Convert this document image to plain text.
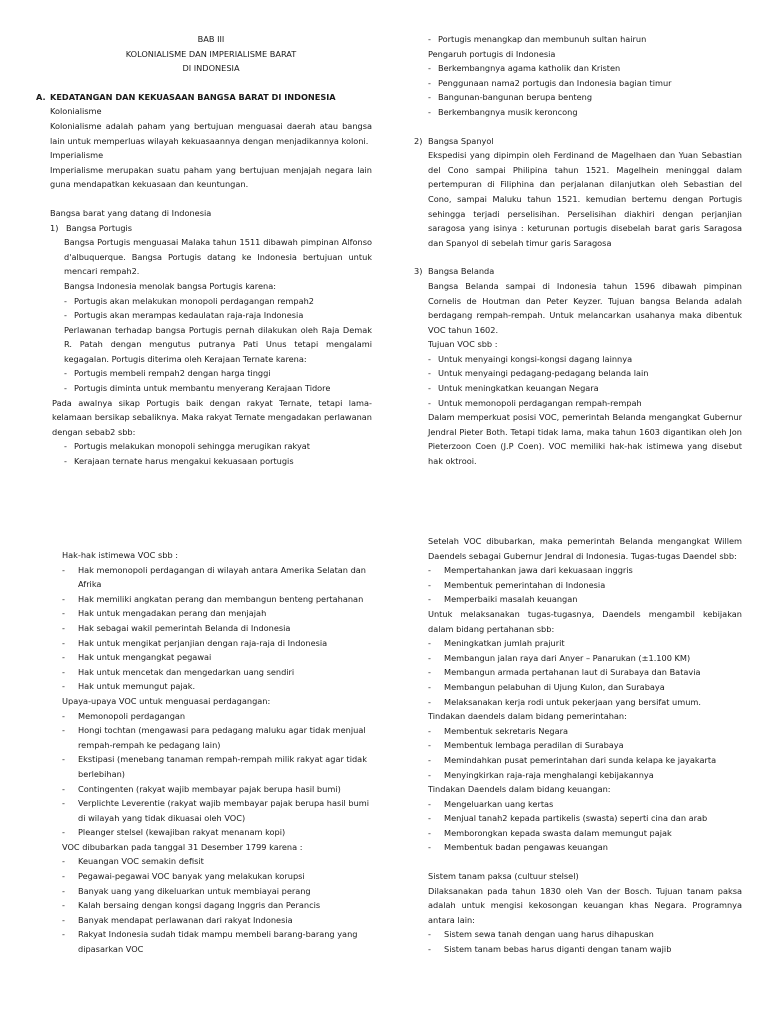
BAB III
KOLONIALISME DAN IMPERIALISME BARAT
DI INDONESIA
A. KEDATANGAN DAN KEKUASAAN BANGSA BARAT DI INDONESIA
Kolonialisme
Kolonialisme adalah paham yang bertujuan menguasai daerah atau bangsa lain untuk memperluas wilayah kekuasaannya dengan menjadikannya koloni.
Imperialisme
Imperialisme merupakan suatu paham yang bertujuan menjajah negara lain guna mendapatkan kekuasaan dan keuntungan.
Bangsa barat yang datang di Indonesia
1) Bangsa Portugis
Bangsa Portugis menguasai Malaka tahun 1511 dibawah pimpinan Alfonso d'albuquerque. Bangsa Portugis datang ke Indonesia bertujuan untuk mencari rempah2.
Bangsa Indonesia menolak bangsa Portugis karena:
- Portugis akan melakukan monopoli perdagangan rempah2
- Portugis akan merampas kedaulatan raja-raja Indonesia
Perlawanan terhadap bangsa Portugis pernah dilakukan oleh Raja Demak R. Patah dengan mengutus putranya Pati Unus tetapi mengalami kegagalan. Portugis diterima oleh Kerajaan Ternate karena:
- Portugis membeli rempah2 dengan harga tinggi
- Portugis diminta untuk membantu menyerang Kerajaan Tidore
Pada awalnya sikap Portugis baik dengan rakyat Ternate, tetapi lama-kelamaan bersikap sebaliknya. Maka rakyat Ternate mengadakan perlawanan dengan sebab2 sbb:
- Portugis melakukan monopoli sehingga merugikan rakyat
- Kerajaan ternate harus mengakui kekuasaan portugis
- Portugis menangkap dan membunuh sultan hairun
Pengaruh portugis di Indonesia
- Berkembangnya agama katholik dan Kristen
- Penggunaan nama2 portugis dan Indonesia bagian timur
- Bangunan-bangunan berupa benteng
- Berkembangnya musik keroncong
2) Bangsa Spanyol
Ekspedisi yang dipimpin oleh Ferdinand de Magelhaen dan Yuan Sebastian del Cono sampai Philipina tahun 1521. Magelhein meninggal dalam pertempuran di Filiphina dan perjalanan dilanjutkan oleh Sebastian del Cono, sampai Maluku tahun 1521. kemudian bertemu dengan Portugis sehingga terjadi perselisihan. Perselisihan diakhiri dengan perjanjian saragosa yang isinya : keturunan portugis disebelah barat garis Saragosa dan Spanyol di sebelah timur garis Saragosa
3) Bangsa Belanda
Bangsa Belanda sampai di Indonesia tahun 1596 dibawah pimpinan Cornelis de Houtman dan Peter Keyzer. Tujuan bangsa Belanda adalah berdagang rempah-rempah. Untuk melancarkan usahanya maka dibentuk VOC tahun 1602.
Tujuan VOC sbb :
- Untuk menyaingi kongsi-kongsi dagang lainnya
- Untuk menyaingi pedagang-pedagang belanda lain
- Untuk meningkatkan keuangan Negara
- Untuk memonopoli perdagangan rempah-rempah
Dalam memperkuat posisi VOC, pemerintah Belanda mengangkat Gubernur Jendral Pieter Both. Tetapi tidak lama, maka tahun 1603 digantikan oleh Jon Pieterzoon Coen (J.P Coen). VOC memiliki hak-hak istimewa yang disebut hak oktrooi.
Hak-hak istimewa VOC sbb :
-	Hak memonopoli perdagangan di wilayah antara Amerika Selatan dan Afrika
-	Hak memiliki angkatan perang dan membangun benteng pertahanan
-	Hak untuk mengadakan perang dan menjajah
-	Hak sebagai wakil pemerintah Belanda di Indonesia
-	Hak untuk mengikat perjanjian dengan raja-raja di Indonesia
-	Hak untuk mengangkat pegawai
-	Hak untuk mencetak dan mengedarkan uang sendiri
-	Hak untuk memungut pajak.
Upaya-upaya VOC untuk menguasai perdagangan:
-	Memonopoli perdagangan
-	Hongi tochtan (mengawasi para pedagang maluku agar tidak menjual rempah-rempah ke pedagang lain)
-	Ekstipasi (menebang tanaman rempah-rempah milik rakyat agar tidak berlebihan)
-	Contingenten (rakyat wajib membayar pajak berupa hasil bumi)
-	Verplichte Leverentie (rakyat wajib membayar pajak berupa hasil bumi di wilayah yang tidak dikuasai oleh VOC)
-	Pleanger stelsel (kewajiban rakyat menanam kopi)
VOC dibubarkan pada tanggal 31 Desember 1799 karena :
-	Keuangan VOC semakin defisit
-	Pegawai-pegawai VOC banyak yang melakukan korupsi
-	Banyak uang yang dikeluarkan untuk membiayai perang
-	Kalah bersaing dengan kongsi dagang Inggris dan Perancis
-	Banyak mendapat perlawanan dari rakyat Indonesia
-	Rakyat Indonesia sudah tidak mampu membeli barang-barang yang dipasarkan VOC
Setelah VOC dibubarkan, maka pemerintah Belanda mengangkat Willem Daendels sebagai Gubernur Jendral di Indonesia. Tugas-tugas Daendel sbb:
-	Mempertahankan jawa dari kekuasaan inggris
-	Membentuk pemerintahan di Indonesia
-	Memperbaiki masalah keuangan
Untuk melaksanakan tugas-tugasnya, Daendels mengambil kebijakan dalam bidang pertahanan sbb:
-	Meningkatkan jumlah prajurit
-	Membangun jalan raya dari Anyer – Panarukan (±1.100 KM)
-	Membangun armada pertahanan laut di Surabaya dan Batavia
-	Membangun pelabuhan di Ujung Kulon, dan Surabaya
-	Melaksanakan kerja rodi untuk pekerjaan yang bersifat umum.
Tindakan daendels dalam bidang pemerintahan:
-	Membentuk sekretaris Negara
-	Membentuk lembaga peradilan di Surabaya
-	Memindahkan pusat pemerintahan dari sunda kelapa ke jayakarta
-	Menyingkirkan raja-raja menghalangi kebijakannya
Tindakan Daendels dalam bidang keuangan:
-	Mengeluarkan uang kertas
-	Menjual tanah2 kepada partikelis (swasta) seperti cina dan arab
-	Memborongkan kepada swasta dalam memungut pajak
-	Membentuk badan pengawas keuangan
Sistem tanam paksa (cultuur stelsel)
Dilaksanakan pada tahun 1830 oleh Van der Bosch. Tujuan tanam paksa adalah untuk mengisi kekosongan keuangan khas Negara. Programnya antara lain:
-	Sistem sewa tanah dengan uang harus dihapuskan
-	Sistem tanam bebas harus diganti dengan tanam wajib
